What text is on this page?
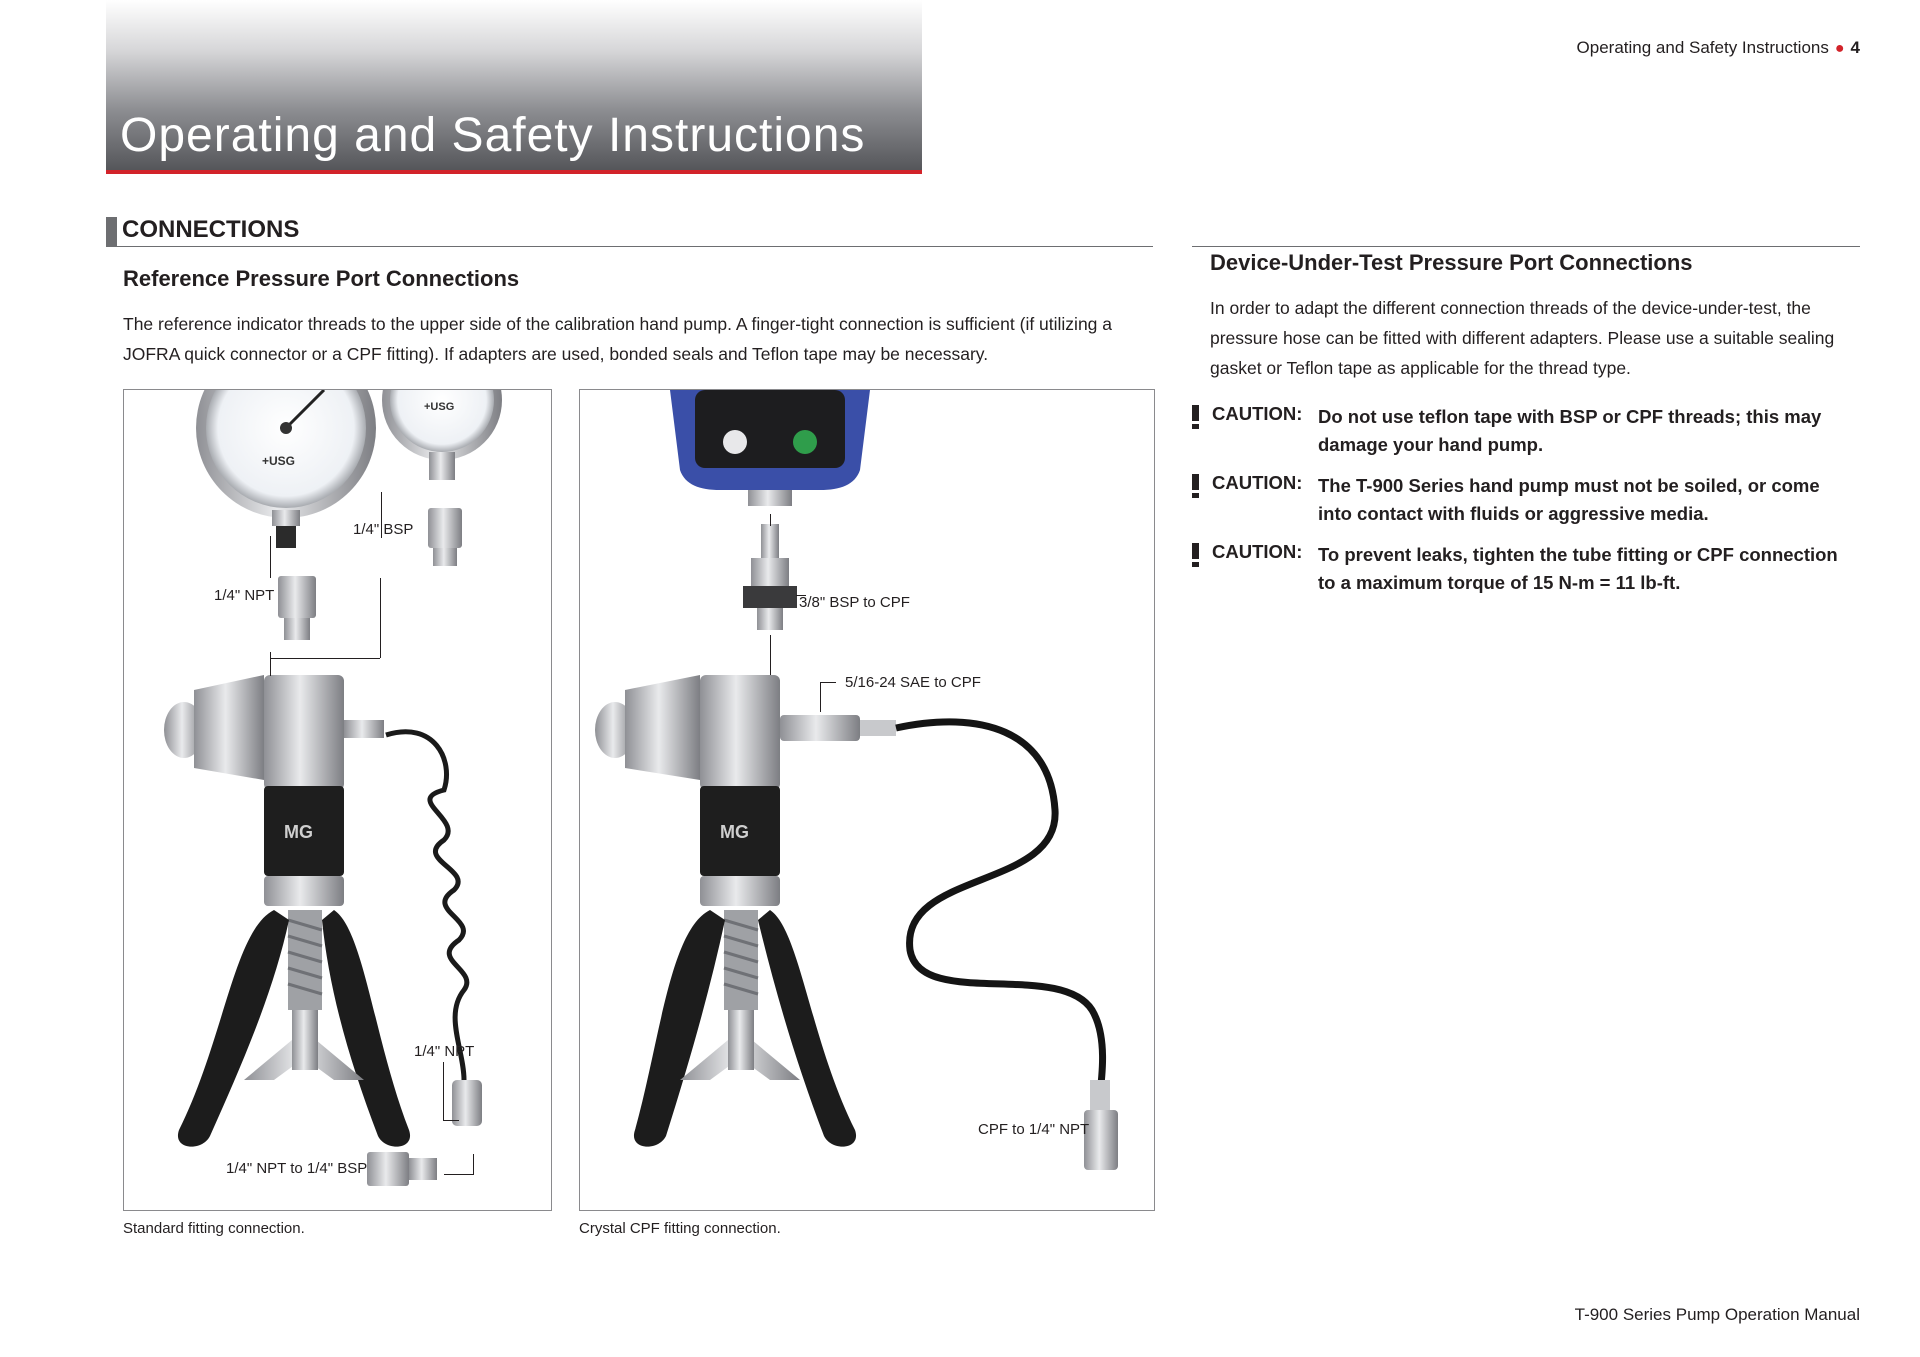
Operating and Safety Instructions
Operating and Safety Instructions ● 4
CONNECTIONS
Reference Pressure Port Connections
The reference indicator threads to the upper side of the calibration hand pump. A finger-tight connection is sufficient (if utilizing a JOFRA quick connector or a CPF fitting). If adapters are used, bonded seals and Teflon tape may be necessary.
+USG
+USG
MG
1/4" BSP
1/4" NPT
1/4" NPT
1/4" NPT to 1/4" BSP
Standard fitting connection.
MG
3/8" BSP to CPF
5/16-24 SAE to CPF
CPF to 1/4" NPT
Crystal CPF fitting connection.
Device-Under-Test Pressure Port Connections
In order to adapt the different connection threads of the device-under-test, the pressure hose can be fitted with different adapters. Please use a suitable sealing gasket or Teflon tape as applicable for the thread type.
CAUTION: Do not use teflon tape with BSP or CPF threads; this may damage your hand pump.
CAUTION: The T-900 Series hand pump must not be soiled, or come into contact with fluids or aggressive media.
CAUTION: To prevent leaks, tighten the tube fitting or CPF connection to a maximum torque of 15 N-m = 11 lb-ft.
T-900 Series Pump Operation Manual
